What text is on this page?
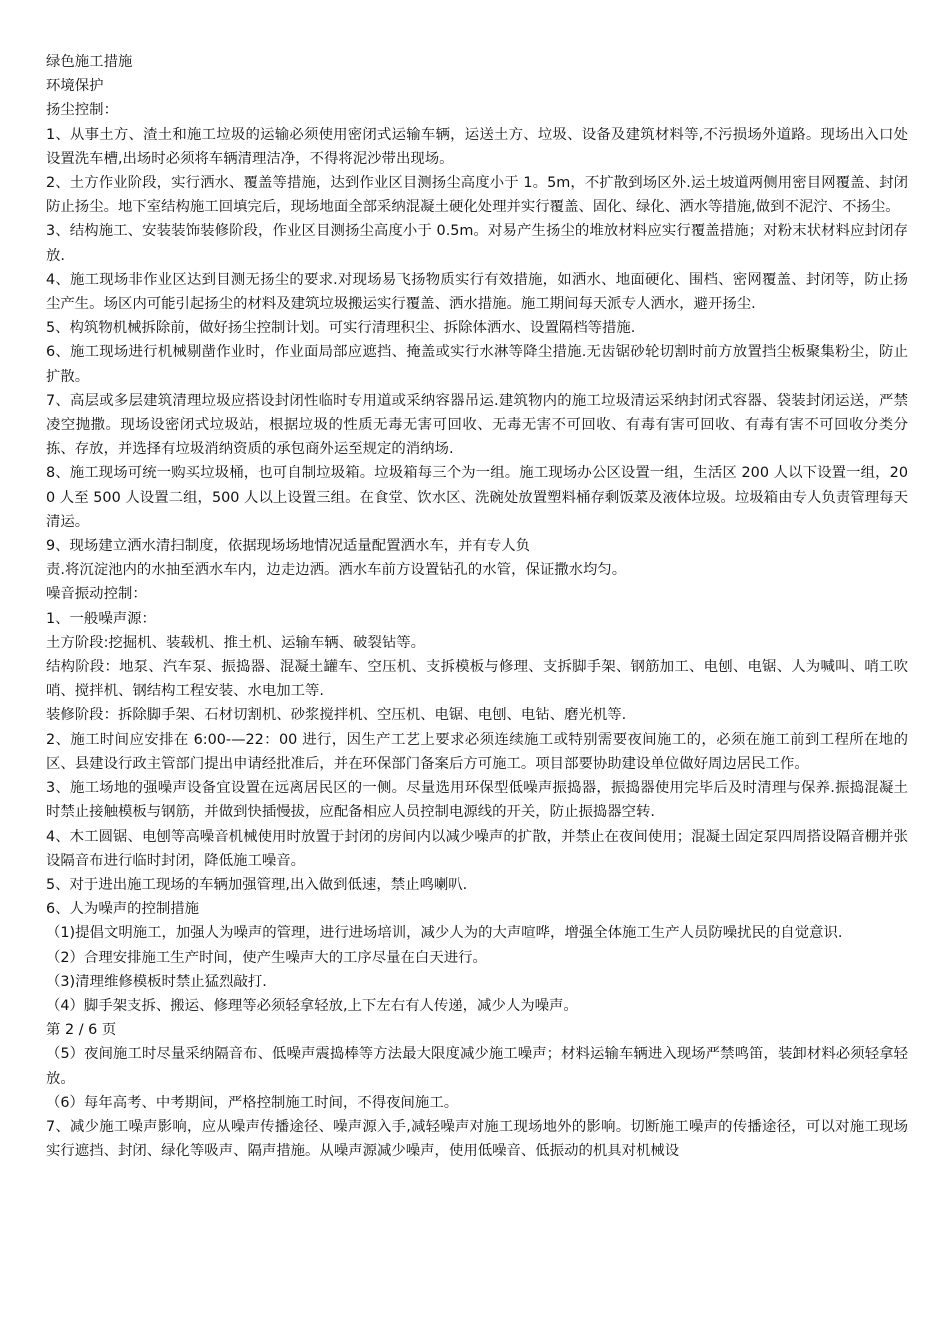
绿色施工措施

环境保护

扬尘控制：

1、从事土方、渣土和施工垃圾的运输必须使用密闭式运输车辆，运送土方、垃圾、设备及建筑材料等,不污损场外道路。现场出入口处设置洗车槽,出场时必须将车辆清理洁净，不得将泥沙带出现场。

2、土方作业阶段，实行洒水、覆盖等措施，达到作业区目测扬尘高度小于 1。5m，不扩散到场区外.运土坡道两侧用密目网覆盖、封闭防止扬尘。地下室结构施工回填完后，现场地面全部采纳混凝土硬化处理并实行覆盖、固化、绿化、洒水等措施,做到不泥泞、不扬尘。

3、结构施工、安装装饰装修阶段，作业区目测扬尘高度小于 0.5m。对易产生扬尘的堆放材料应实行覆盖措施；对粉末状材料应封闭存放.

4、施工现场非作业区达到目测无扬尘的要求.对现场易飞扬物质实行有效措施，如洒水、地面硬化、围档、密网覆盖、封闭等，防止扬尘产生。场区内可能引起扬尘的材料及建筑垃圾搬运实行覆盖、洒水措施。施工期间每天派专人洒水，避开扬尘.

5、构筑物机械拆除前，做好扬尘控制计划。可实行清理积尘、拆除体洒水、设置隔档等措施.

6、施工现场进行机械剔凿作业时，作业面局部应遮挡、掩盖或实行水淋等降尘措施.无齿锯砂轮切割时前方放置挡尘板聚集粉尘，防止扩散。

7、高层或多层建筑清理垃圾应搭设封闭性临时专用道或采纳容器吊运.建筑物内的施工垃圾清运采纳封闭式容器、袋装封闭运送，严禁凌空抛撒。现场设密闭式垃圾站，根据垃圾的性质无毒无害可回收、无毒无害不可回收、有毒有害可回收、有毒有害不可回收分类分拣、存放，并选择有垃圾消纳资质的承包商外运至规定的消纳场.

8、施工现场可统一购买垃圾桶，也可自制垃圾箱。垃圾箱每三个为一组。施工现场办公区设置一组，生活区 200 人以下设置一组，200 人至 500 人设置二组，500 人以上设置三组。在食堂、饮水区、洗碗处放置塑料桶存剩饭菜及液体垃圾。垃圾箱由专人负责管理每天清运。

9、现场建立洒水清扫制度，依据现场场地情况适量配置洒水车，并有专人负

责.将沉淀池内的水抽至洒水车内，边走边洒。洒水车前方设置钻孔的水管，保证撒水均匀。

噪音振动控制：

1、一般噪声源：

土方阶段:挖掘机、装载机、推土机、运输车辆、破裂钻等。

结构阶段：地泵、汽车泵、振捣器、混凝土罐车、空压机、支拆模板与修理、支拆脚手架、钢筋加工、电刨、电锯、人为喊叫、哨工吹哨、搅拌机、钢结构工程安装、水电加工等.

装修阶段：拆除脚手架、石材切割机、砂浆搅拌机、空压机、电锯、电刨、电钻、磨光机等.

2、施工时间应安排在 6:00-—22：00 进行，因生产工艺上要求必须连续施工或特别需要夜间施工的，必须在施工前到工程所在地的区、县建设行政主管部门提出申请经批准后，并在环保部门备案后方可施工。项目部要协助建设单位做好周边居民工作。

3、施工场地的强噪声设备宜设置在远离居民区的一侧。尽量选用环保型低噪声振捣器，振捣器使用完毕后及时清理与保养.振捣混凝土时禁止接触模板与钢筋，并做到快插慢拔，应配备相应人员控制电源线的开关，防止振捣器空转.

4、木工圆锯、电刨等高噪音机械使用时放置于封闭的房间内以减少噪声的扩散，并禁止在夜间使用；混凝土固定泵四周搭设隔音棚并张设隔音布进行临时封闭，降低施工噪音。

5、对于进出施工现场的车辆加强管理,出入做到低速，禁止鸣喇叭.

6、人为噪声的控制措施

（1)提倡文明施工，加强人为噪声的管理，进行进场培训，减少人为的大声喧哗，增强全体施工生产人员防噪扰民的自觉意识.

（2）合理安排施工生产时间，使产生噪声大的工序尽量在白天进行。

（3)清理维修模板时禁止猛烈敲打.

（4）脚手架支拆、搬运、修理等必须轻拿轻放,上下左右有人传递，减少人为噪声。

第 2 / 6 页

（5）夜间施工时尽量采纳隔音布、低噪声震捣棒等方法最大限度减少施工噪声；材料运输车辆进入现场严禁鸣笛，装卸材料必须轻拿轻放。

（6）每年高考、中考期间，严格控制施工时间，不得夜间施工。

7、减少施工噪声影响，应从噪声传播途径、噪声源入手,减轻噪声对施工现场地外的影响。切断施工噪声的传播途径，可以对施工现场实行遮挡、封闭、绿化等吸声、隔声措施。从噪声源减少噪声，使用低噪音、低振动的机具对机械设
